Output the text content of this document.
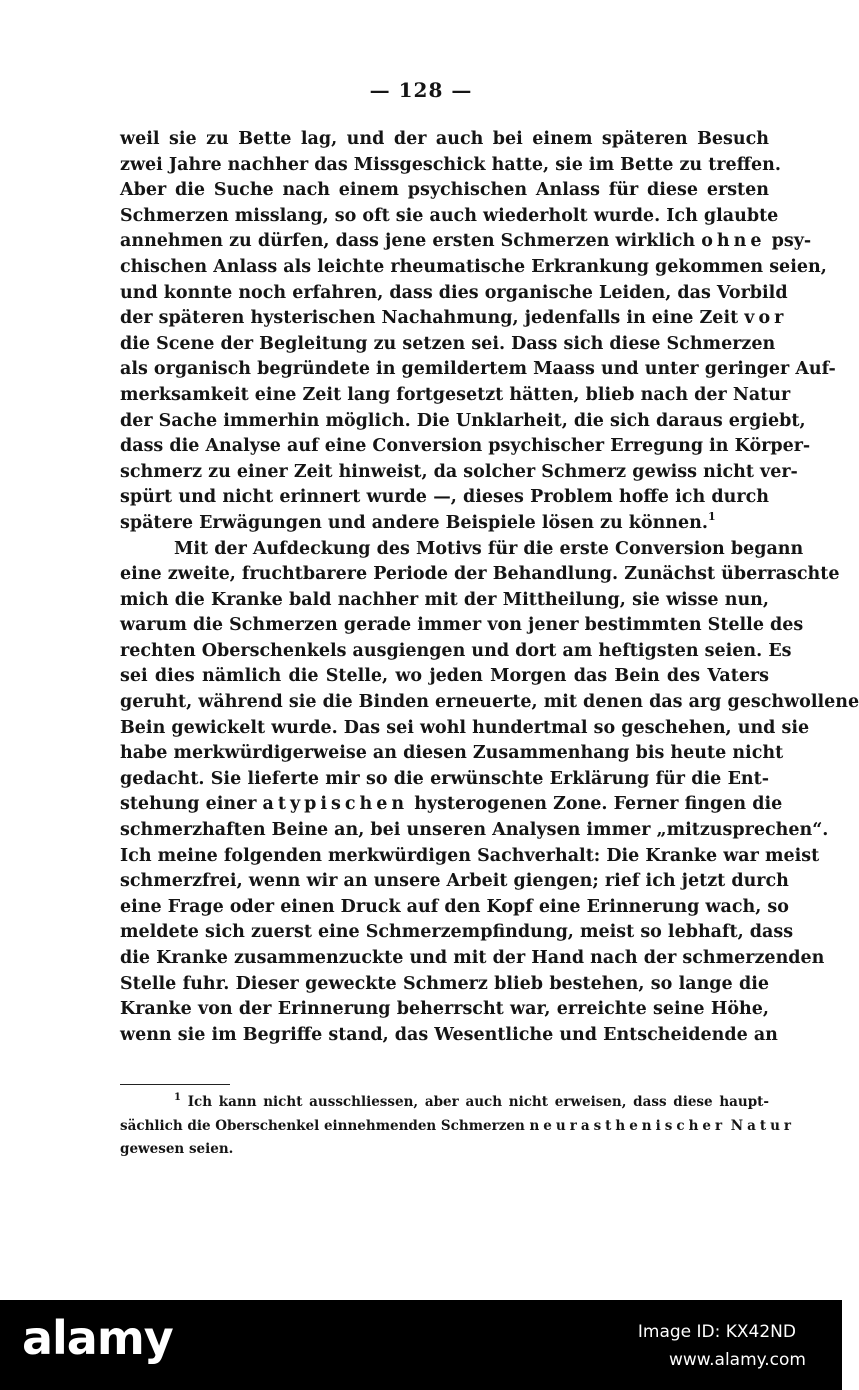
— 128 —
weil sie zu Bette lag, und der auch bei einem späteren Besuch
zwei Jahre nachher das Missgeschick hatte, sie im Bette zu treffen.
Aber die Suche nach einem psychischen Anlass für diese ersten
Schmerzen misslang, so oft sie auch wiederholt wurde. Ich glaubte
annehmen zu dürfen, dass jene ersten Schmerzen wirklich ohne psy-
chischen Anlass als leichte rheumatische Erkrankung gekommen seien,
und konnte noch erfahren, dass dies organische Leiden, das Vorbild
der späteren hysterischen Nachahmung, jedenfalls in eine Zeit vor
die Scene der Begleitung zu setzen sei. Dass sich diese Schmerzen
als organisch begründete in gemildertem Maass und unter geringer Auf-
merksamkeit eine Zeit lang fortgesetzt hätten, blieb nach der Natur
der Sache immerhin möglich. Die Unklarheit, die sich daraus ergiebt,
dass die Analyse auf eine Conversion psychischer Erregung in Körper-
schmerz zu einer Zeit hinweist, da solcher Schmerz gewiss nicht ver-
spürt und nicht erinnert wurde —, dieses Problem hoffe ich durch
spätere Erwägungen und andere Beispiele lösen zu können.$^1$
Mit der Aufdeckung des Motivs für die erste Conversion begann
eine zweite, fruchtbarere Periode der Behandlung. Zunächst überraschte
mich die Kranke bald nachher mit der Mittheilung, sie wisse nun,
warum die Schmerzen gerade immer von jener bestimmten Stelle des
rechten Oberschenkels ausgiengen und dort am heftigsten seien. Es
sei dies nämlich die Stelle, wo jeden Morgen das Bein des Vaters
geruht, während sie die Binden erneuerte, mit denen das arg geschwollene
Bein gewickelt wurde. Das sei wohl hundertmal so geschehen, und sie
habe merkwürdigerweise an diesen Zusammenhang bis heute nicht
gedacht. Sie lieferte mir so die erwünschte Erklärung für die Ent-
stehung einer atypischen hysterogenen Zone. Ferner fingen die
schmerzhaften Beine an, bei unseren Analysen immer „mitzusprechen“.
Ich meine folgenden merkwürdigen Sachverhalt: Die Kranke war meist
schmerzfrei, wenn wir an unsere Arbeit giengen; rief ich jetzt durch
eine Frage oder einen Druck auf den Kopf eine Erinnerung wach, so
meldete sich zuerst eine Schmerzempfindung, meist so lebhaft, dass
die Kranke zusammenzuckte und mit der Hand nach der schmerzenden
Stelle fuhr. Dieser geweckte Schmerz blieb bestehen, so lange die
Kranke von der Erinnerung beherrscht war, erreichte seine Höhe,
wenn sie im Begriffe stand, das Wesentliche und Entscheidende an
$^1$ Ich kann nicht ausschliessen, aber auch nicht erweisen, dass diese haupt-
sächlich die Oberschenkel einnehmenden Schmerzen neurasthenischer Natur
gewesen seien.
alamy	Image ID: KX42ND
www.alamy.com
